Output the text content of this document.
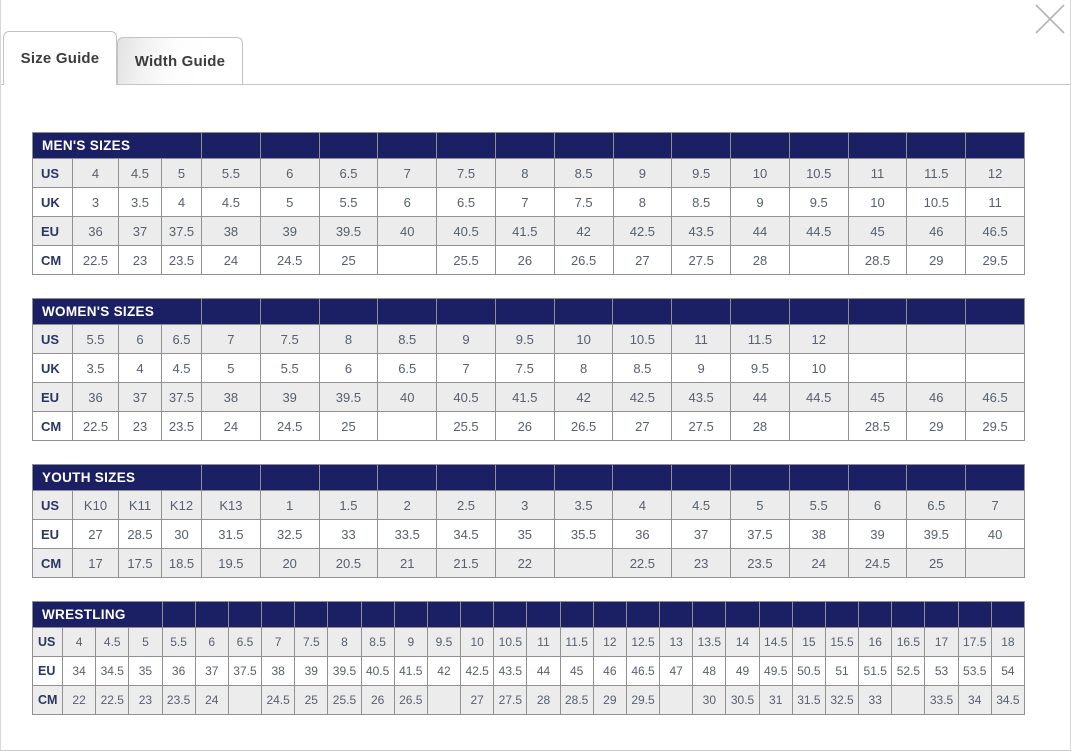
Width Guide
Size Guide
MEN'S SIZES																	
US	4	4.5	5	5.5	6	6.5	7	7.5	8	8.5	9	9.5	10	10.5	11	11.5	12
UK	3	3.5	4	4.5	5	5.5	6	6.5	7	7.5	8	8.5	9	9.5	10	10.5	11
EU	36	37	37.5	38	39	39.5	40	40.5	41.5	42	42.5	43.5	44	44.5	45	46	46.5
CM	22.5	23	23.5	24	24.5	25		25.5	26	26.5	27	27.5	28		28.5	29	29.5
WOMEN'S SIZES																	
US	5.5	6	6.5	7	7.5	8	8.5	9	9.5	10	10.5	11	11.5	12			
UK	3.5	4	4.5	5	5.5	6	6.5	7	7.5	8	8.5	9	9.5	10			
EU	36	37	37.5	38	39	39.5	40	40.5	41.5	42	42.5	43.5	44	44.5	45	46	46.5
CM	22.5	23	23.5	24	24.5	25		25.5	26	26.5	27	27.5	28		28.5	29	29.5
YOUTH SIZES																	
US	K10	K11	K12	K13	1	1.5	2	2.5	3	3.5	4	4.5	5	5.5	6	6.5	7
EU	27	28.5	30	31.5	32.5	33	33.5	34.5	35	35.5	36	37	37.5	38	39	39.5	40
CM	17	17.5	18.5	19.5	20	20.5	21	21.5	22		22.5	23	23.5	24	24.5	25	
WRESTLING																													
US	4	4.5	5	5.5	6	6.5	7	7.5	8	8.5	9	9.5	10	10.5	11	11.5	12	12.5	13	13.5	14	14.5	15	15.5	16	16.5	17	17.5	18
EU	34	34.5	35	36	37	37.5	38	39	39.5	40.5	41.5	42	42.5	43.5	44	45	46	46.5	47	48	49	49.5	50.5	51	51.5	52.5	53	53.5	54
CM	22	22.5	23	23.5	24		24.5	25	25.5	26	26.5		27	27.5	28	28.5	29	29.5		30	30.5	31	31.5	32.5	33		33.5	34	34.5
